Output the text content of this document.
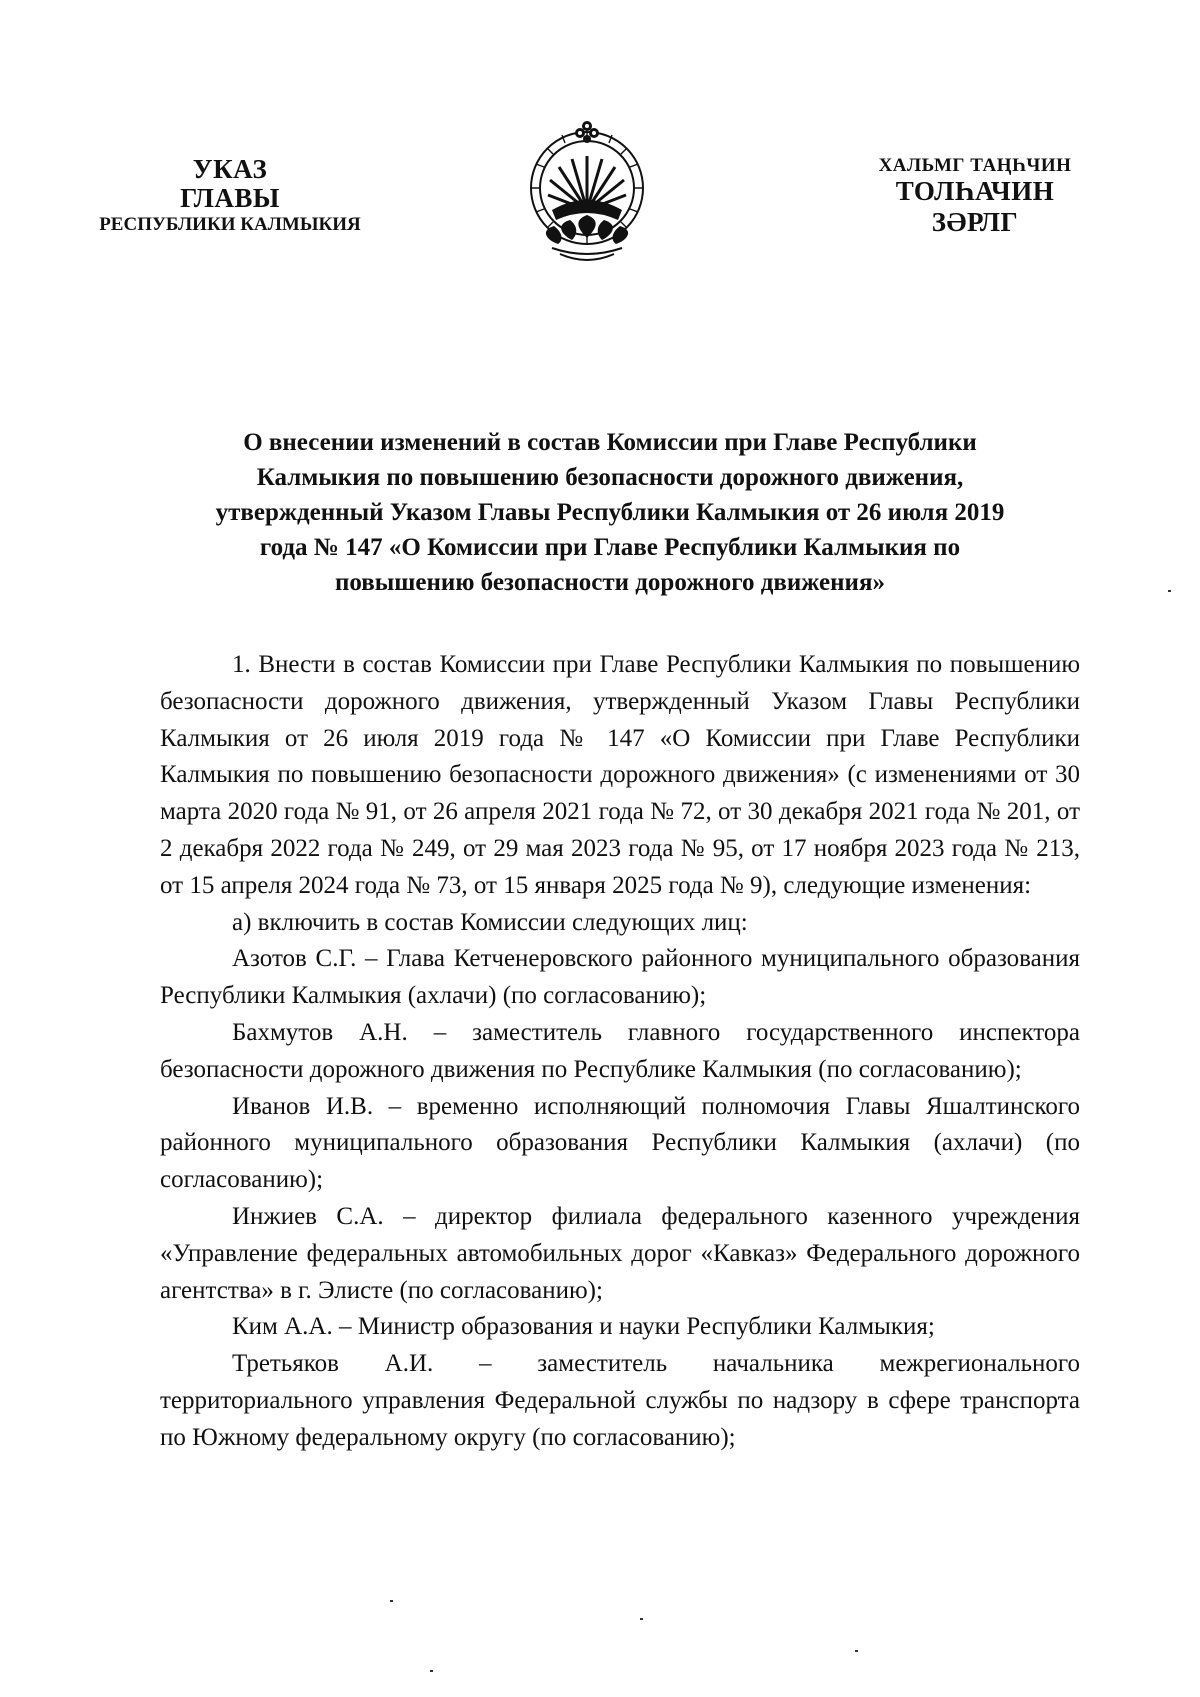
УКАЗ
ГЛАВЫ
РЕСПУБЛИКИ КАЛМЫКИЯ
ХАЛЬМГ ТАҢҺЧИН
ТОЛҺАЧИН
ЗӘРЛГ
О внесении изменений в состав Комиссии при Главе Республики
Калмыкия по повышению безопасности дорожного движения,
утвержденный Указом Главы Республики Калмыкия от 26 июля 2019
года № 147 «О Комиссии при Главе Республики Калмыкия по
повышению безопасности дорожного движения»

1. Внести в состав Комиссии при Главе Республики Калмыкия по повышению безопасности дорожного движения, утвержденный Указом Главы Республики Калмыкия от 26 июля 2019 года № 147 «О Комиссии при Главе Республики Калмыкия по повышению безопасности дорожного движения» (с изменениями от 30 марта 2020 года № 91, от 26 апреля 2021 года № 72, от 30 декабря 2021 года № 201, от 2 декабря 2022 года № 249, от 29 мая 2023 года № 95, от 17 ноября 2023 года № 213, от 15 апреля 2024 года № 73, от 15 января 2025 года № 9), следующие изменения:

а) включить в состав Комиссии следующих лиц:

Азотов С.Г. – Глава Кетченеровского районного муниципального образования Республики Калмыкия (ахлачи) (по согласованию);

Бахмутов А.Н. – заместитель главного государственного инспектора безопасности дорожного движения по Республике Калмыкия (по согласованию);

Иванов И.В. – временно исполняющий полномочия Главы Яшалтинского районного муниципального образования Республики Калмыкия (ахлачи) (по согласованию);

Инжиев С.А. – директор филиала федерального казенного учреждения «Управление федеральных автомобильных дорог «Кавказ» Федерального дорожного агентства» в г. Элисте (по согласованию);

Ким А.А. – Министр образования и науки Республики Калмыкия;

Третьяков А.И. – заместитель начальника межрегионального территориального управления Федеральной службы по надзору в сфере транспорта по Южному федеральному округу (по согласованию);
